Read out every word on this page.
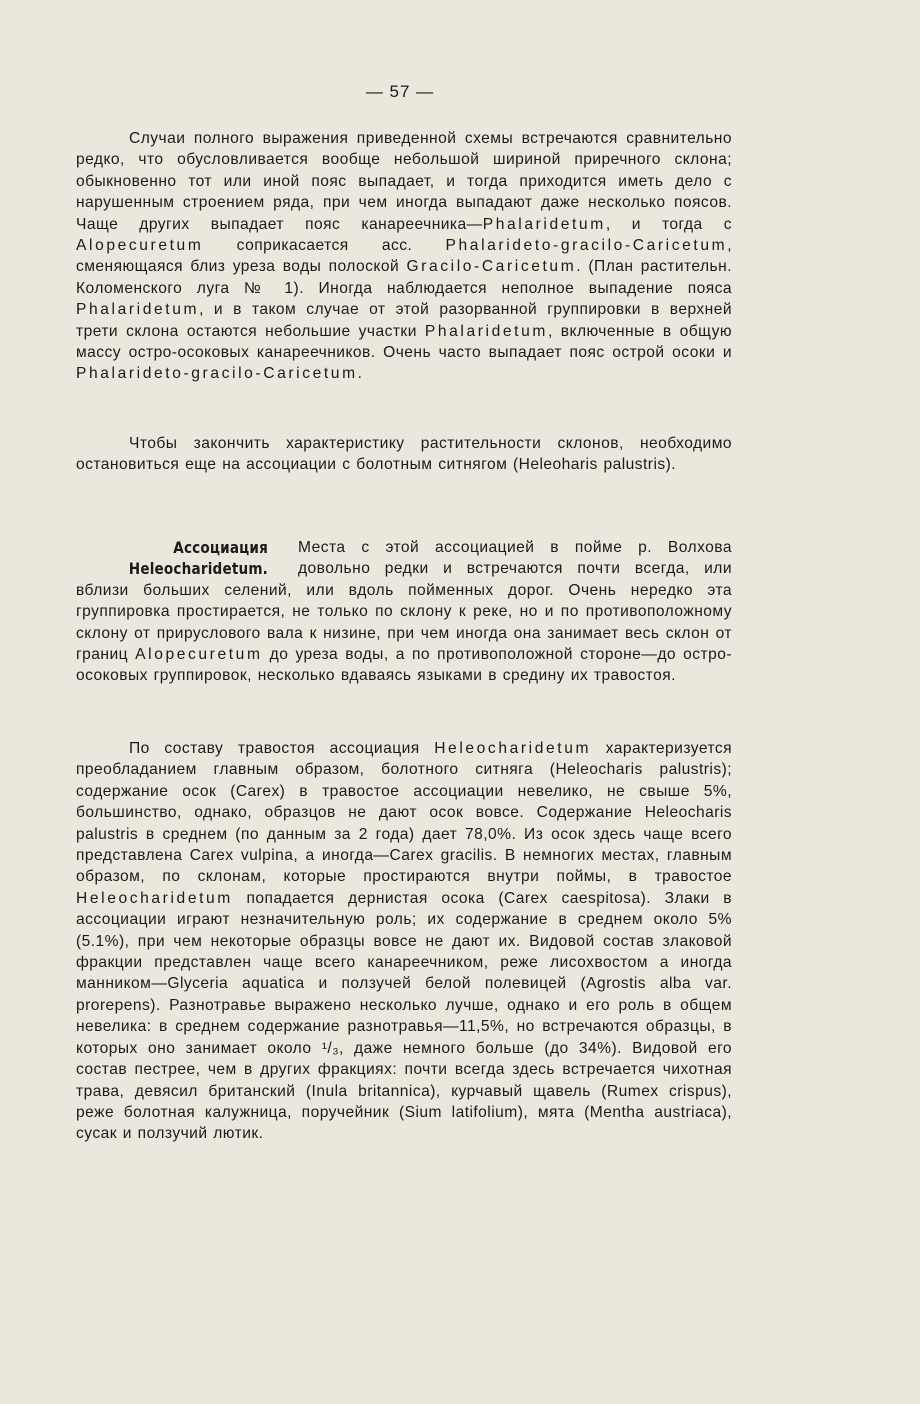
— 57 —

Случаи полного выражения приведенной схемы встречаются сравнительно редко, что обусловливается вообще небольшой шириной приречного склона; обыкновенно тот или иной пояс выпадает, и тогда приходится иметь дело с нарушенным строением ряда, при чем иногда выпадают даже несколько поясов. Чаще других выпадает пояс канареечника—Phalaridetum, и тогда с Alopecuretum соприкасается асс. Phalarideto-gracilo-Caricetum, сменяющаяся близ уреза воды полоской Gracilo-Caricetum. (План растительн. Коломенского луга № 1). Иногда наблюдается неполное выпадение пояса Phalaridetum, и в таком случае от этой разорванной группировки в верхней трети склона остаются небольшие участки Phalaridetum, включенные в общую массу остро-осоковых канареечников. Очень часто выпадает пояс острой осоки и Phalarideto-gracilo-Caricetum.

Чтобы закончить характеристику растительности склонов, необходимо остановиться еще на ассоциации с болотным ситнягом (Heleoharis palustris).

Ассоциация
Heleocharidetum.

Места с этой ассоциацией в пойме р. Волхова довольно редки и встречаются почти всегда, или вблизи больших селений, или вдоль пойменных дорог. Очень нередко эта группировка простирается, не только по склону к реке, но и по противоположному склону от прируслового вала к низине, при чем иногда она занимает весь склон от границ Alopecuretum до уреза воды, а по противоположной стороне—до остро-осоковых группировок, несколько вдаваясь языками в средину их травостоя.

По составу травостоя ассоциация Heleocharidetum характеризуется преобладанием главным образом, болотного ситняга (Heleocharis palustris); содержание осок (Carex) в травостое ассоциации невелико, не свыше 5%, большинство, однако, образцов не дают осок вовсе. Содержание Heleocharis palustris в среднем (по данным за 2 года) дает 78,0%. Из осок здесь чаще всего представлена Carex vulpina, а иногда—Carex gracilis. В немногих местах, главным образом, по склонам, которые простираются внутри поймы, в травостое Heleocharidetum попадается дернистая осока (Carex caespitosa). Злаки в ассоциации играют незначительную роль; их содержание в среднем около 5% (5.1%), при чем некоторые образцы вовсе не дают их. Видовой состав злаковой фракции представлен чаще всего канареечником, реже лисохвостом а иногда манником—Glyceria aquatica и ползучей белой полевицей (Agrostis alba var. prorepens). Разнотравье выражено несколько лучше, однако и его роль в общем невелика: в среднем содержание разнотравья—11,5%, но встречаются образцы, в которых оно занимает около ¹/₃, даже немного больше (до 34%). Видовой его состав пестрее, чем в других фракциях: почти всегда здесь встречается чихотная трава, девясил британский (Inula britannica), курчавый щавель (Rumex crispus), реже болотная калужница, поручейник (Sium latifolium), мята (Mentha austriaca), сусак и ползучий лютик.
